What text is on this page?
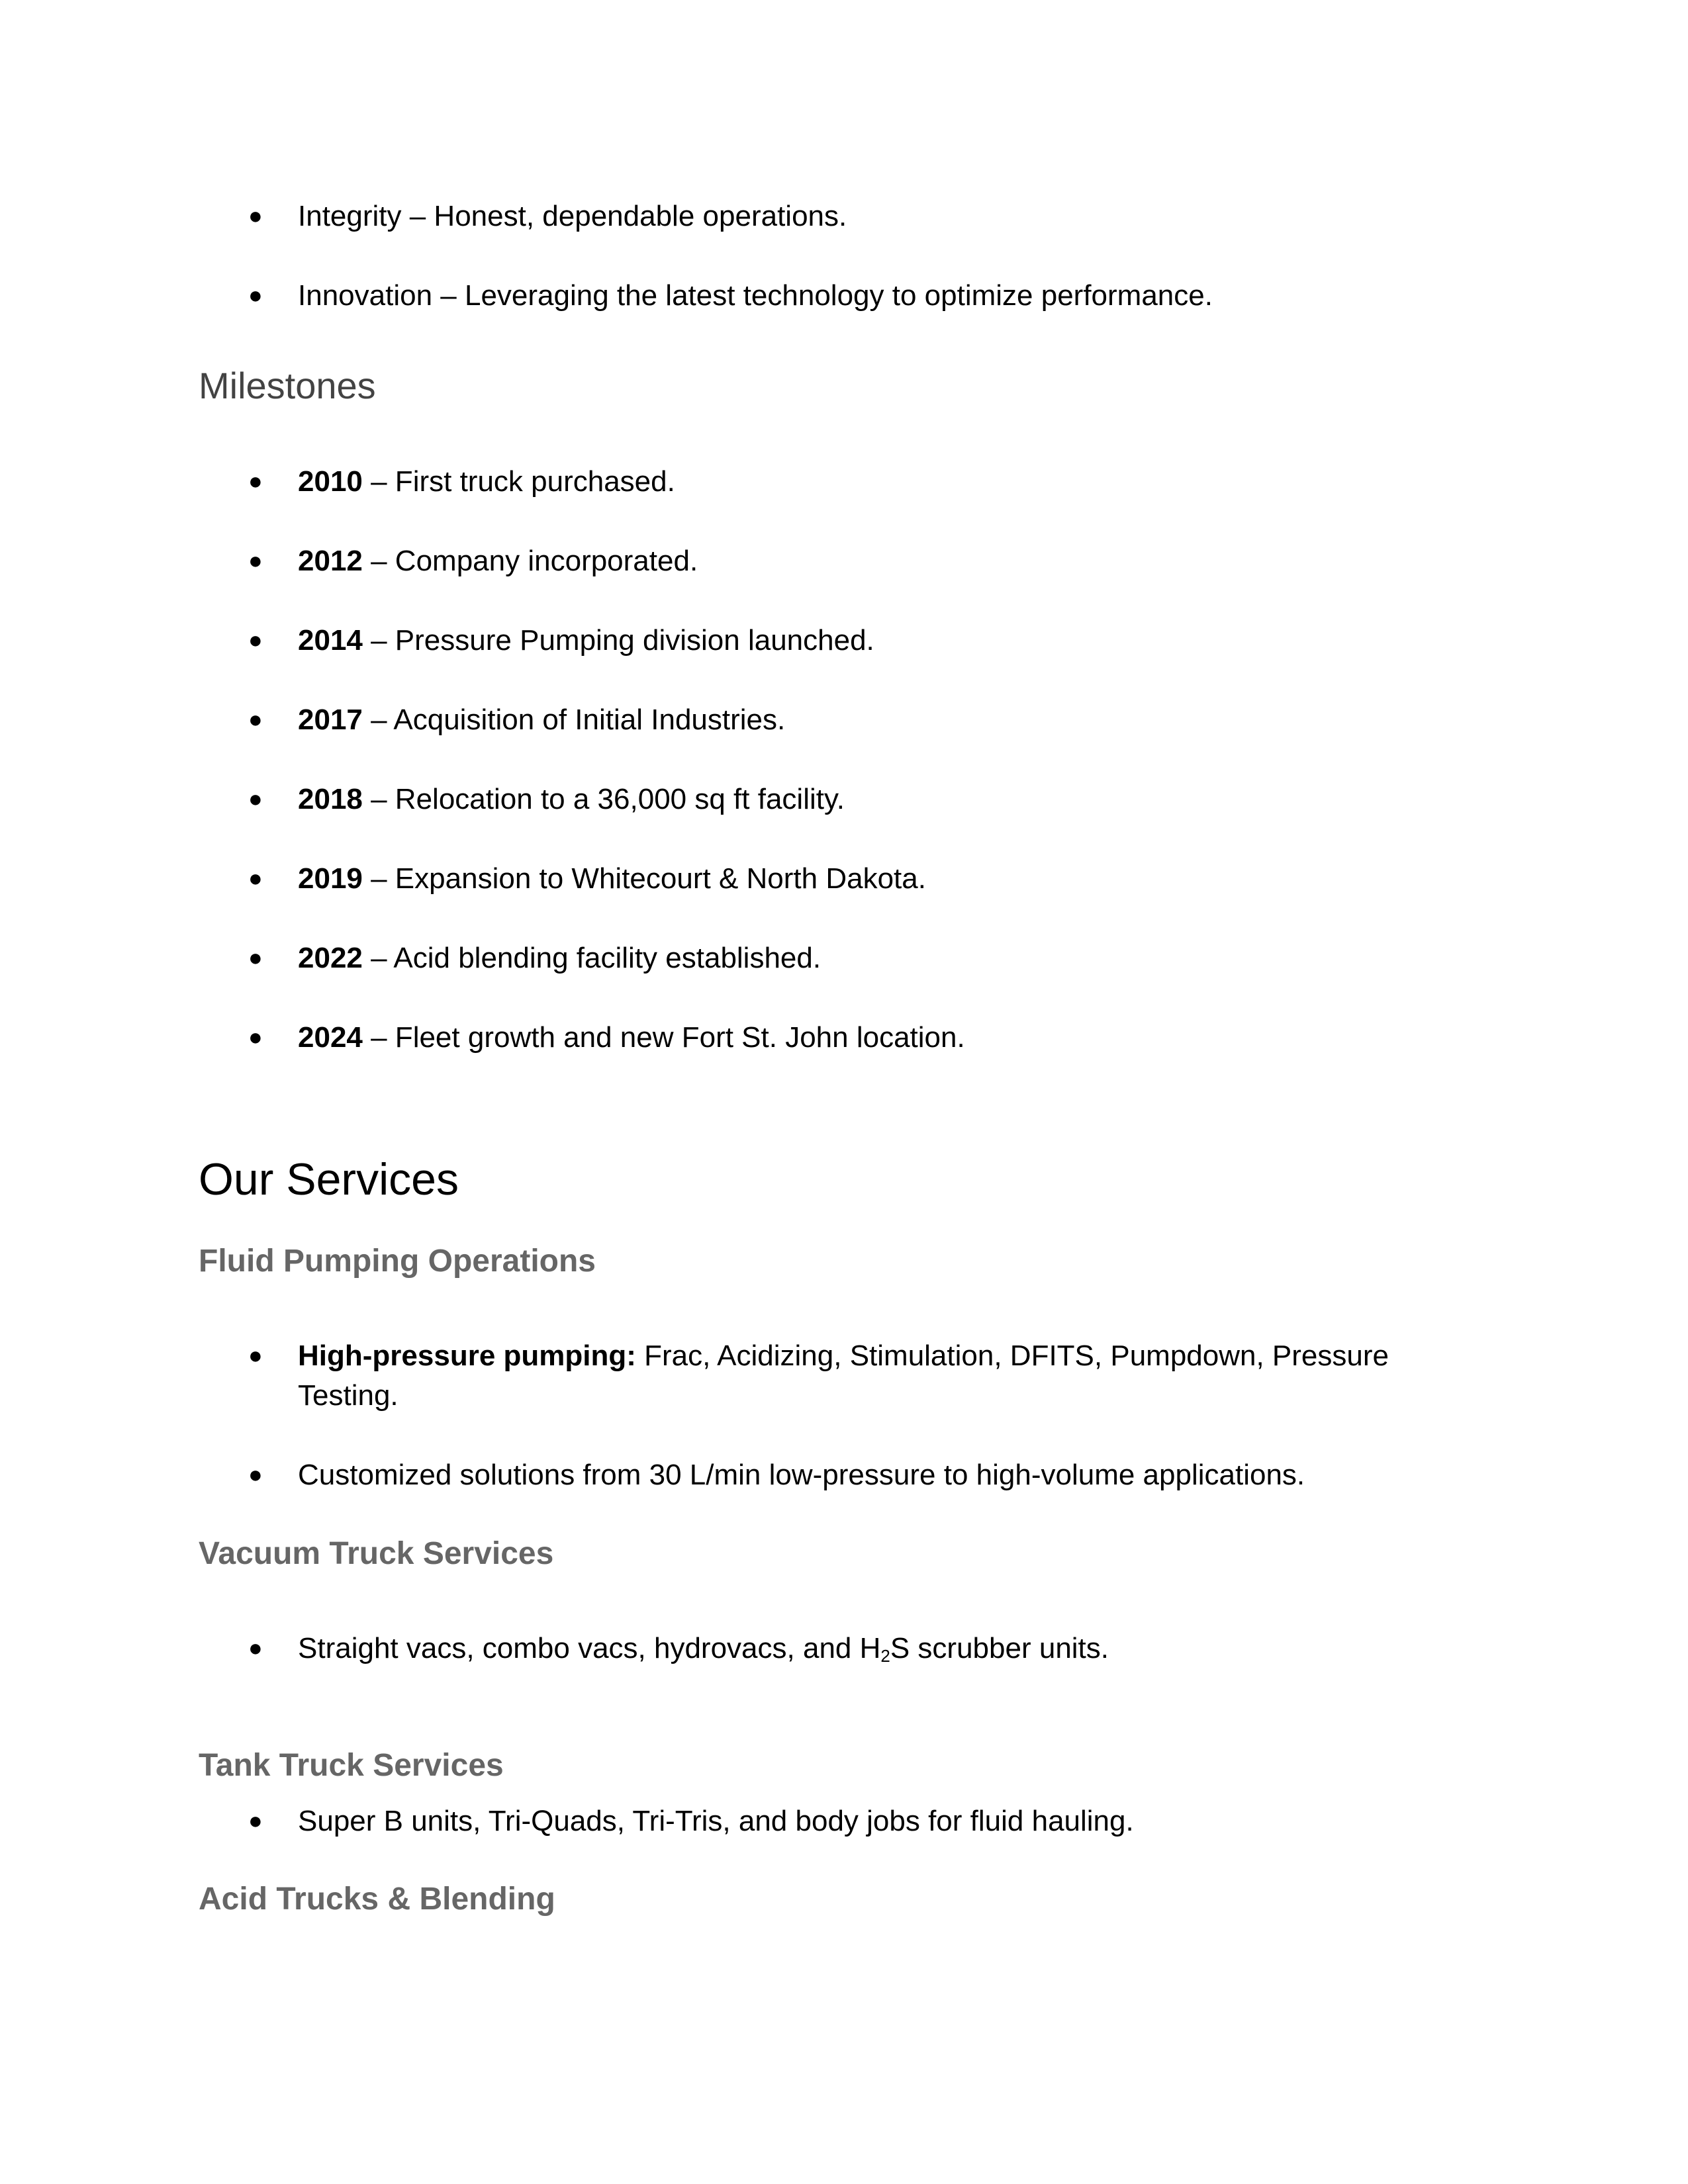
● Integrity – Honest, dependable operations.
● Innovation – Leveraging the latest technology to optimize performance.
Milestones
● 2010 – First truck purchased.
● 2012 – Company incorporated.
● 2014 – Pressure Pumping division launched.
● 2017 – Acquisition of Initial Industries.
● 2018 – Relocation to a 36,000 sq ft facility.
● 2019 – Expansion to Whitecourt & North Dakota.
● 2022 – Acid blending facility established.
● 2024 – Fleet growth and new Fort St. John location.
Our Services
Fluid Pumping Operations
● High-pressure pumping: Frac, Acidizing, Stimulation, DFITS, Pumpdown, Pressure
Testing.
● Customized solutions from 30 L/min low-pressure to high-volume applications.
Vacuum Truck Services
● Straight vacs, combo vacs, hydrovacs, and H2S scrubber units.
Tank Truck Services
● Super B units, Tri-Quads, Tri-Tris, and body jobs for fluid hauling.
Acid Trucks & Blending
